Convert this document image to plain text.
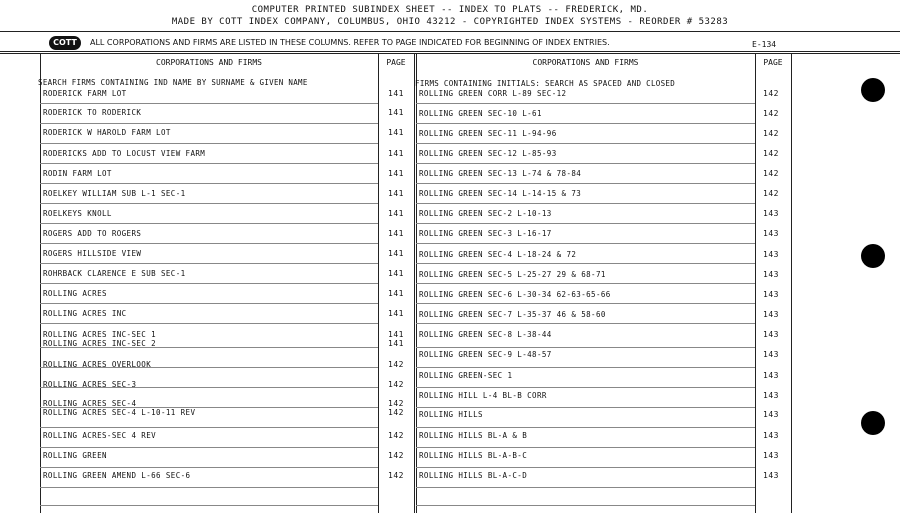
COMPUTER PRINTED SUBINDEX SHEET -- INDEX TO PLATS -- FREDERICK, MD.
MADE BY COTT INDEX COMPANY, COLUMBUS, OHIO 43212 - COPYRIGHTED INDEX SYSTEMS - REORDER # 53283
COTT	ALL CORPORATIONS AND FIRMS ARE LISTED IN THESE COLUMNS. REFER TO PAGE INDICATED FOR BEGINNING OF INDEX ENTRIES.	E-134
CORPORATIONS AND FIRMS	PAGE	CORPORATIONS AND FIRMS	PAGE
SEARCH FIRMS CONTAINING IND NAME BY SURNAME & GIVEN NAME	FIRMS CONTAINING INITIALS: SEARCH AS SPACED AND CLOSED
RODERICK FARM LOT	141
RODERICK TO RODERICK	141
RODERICK W HAROLD FARM LOT	141
RODERICKS ADD TO LOCUST VIEW FARM	141
RODIN FARM LOT	141
ROELKEY WILLIAM SUB L-1 SEC-1	141
ROELKEYS KNOLL	141
ROGERS ADD TO ROGERS	141
ROGERS HILLSIDE VIEW	141
ROHRBACK CLARENCE E SUB SEC-1	141
ROLLING ACRES	141
ROLLING ACRES INC	141
ROLLING ACRES INC-SEC 1	141
ROLLING ACRES INC-SEC 2	141
ROLLING ACRES OVERLOOK	142
ROLLING ACRES SEC-3	142
ROLLING ACRES SEC-4	142
ROLLING ACRES SEC-4 L-10-11 REV	142
ROLLING ACRES-SEC 4 REV	142
ROLLING GREEN	142
ROLLING GREEN AMEND L-66 SEC-6	142
ROLLING GREEN CORR L-89 SEC-12	142
ROLLING GREEN SEC-10 L-61	142
ROLLING GREEN SEC-11 L-94-96	142
ROLLING GREEN SEC-12 L-85-93	142
ROLLING GREEN SEC-13 L-74 & 78-84	142
ROLLING GREEN SEC-14 L-14-15 & 73	142
ROLLING GREEN SEC-2 L-10-13	143
ROLLING GREEN SEC-3 L-16-17	143
ROLLING GREEN SEC-4 L-18-24 & 72	143
ROLLING GREEN SEC-5 L-25-27 29 & 68-71	143
ROLLING GREEN SEC-6 L-30-34 62-63-65-66	143
ROLLING GREEN SEC-7 L-35-37 46 & 58-60	143
ROLLING GREEN SEC-8 L-38-44	143
ROLLING GREEN SEC-9 L-48-57	143
ROLLING GREEN-SEC 1	143
ROLLING HILL L-4 BL-B CORR	143
ROLLING HILLS	143
ROLLING HILLS BL-A & B	143
ROLLING HILLS BL-A-B-C	143
ROLLING HILLS BL-A-C-D	143
